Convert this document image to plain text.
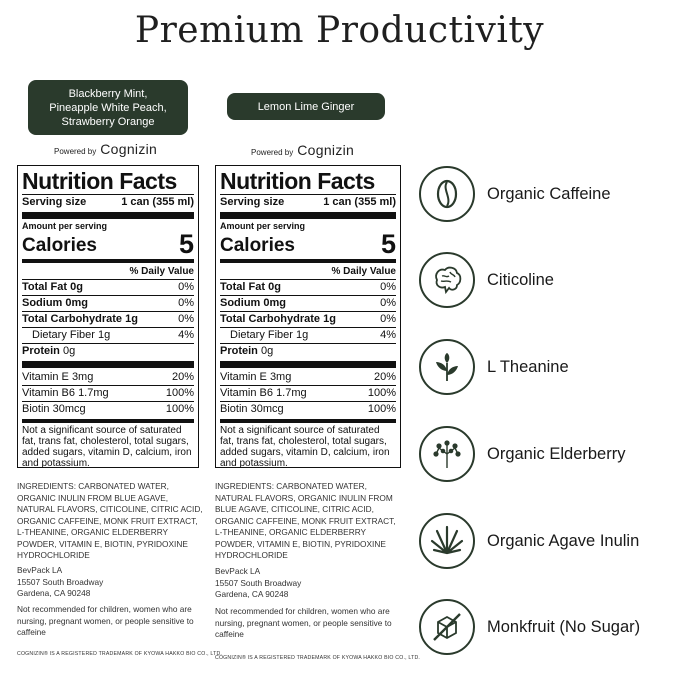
Premium Productivity
Blackberry Mint,
Pineapple White Peach,
Strawberry Orange
Powered by Cognizin
Nutrition Facts
Serving size	1 can (355 ml)
Amount per serving
Calories	5
% Daily Value
Total Fat 0g	0%
Sodium 0mg	0%
Total Carbohydrate 1g	0%
Dietary Fiber 1g	4%
Protein 0g
Vitamin E 3mg	20%
Vitamin B6 1.7mg	100%
Biotin 30mcg	100%
Not a significant source of saturated fat, trans fat, cholesterol, total sugars, added sugars, vitamin D, calcium, iron and potassium.
INGREDIENTS: CARBONATED WATER, ORGANIC INULIN FROM BLUE AGAVE, NATURAL FLAVORS, CITICOLINE, CITRIC ACID, ORGANIC CAFFEINE, MONK FRUIT EXTRACT, L-THEANINE, ORGANIC ELDERBERRY POWDER, VITAMIN E, BIOTIN, PYRIDOXINE HYDROCHLORIDE
BevPack LA
15507 South Broadway
Gardena, CA 90248
Not recommended for children, women who are nursing, pregnant women, or people sensitive to caffeine
COGNIZIN® IS A REGISTERED TRADEMARK OF KYOWA HAKKO BIO CO., LTD.
Lemon Lime Ginger
Powered by Cognizin
Nutrition Facts
Serving size	1 can (355 ml)
Amount per serving
Calories	5
% Daily Value
Total Fat 0g	0%
Sodium 0mg	0%
Total Carbohydrate 1g	0%
Dietary Fiber 1g	4%
Protein 0g
Vitamin E 3mg	20%
Vitamin B6 1.7mg	100%
Biotin 30mcg	100%
Not a significant source of saturated fat, trans fat, cholesterol, total sugars, added sugars, vitamin D, calcium, iron and potassium.
INGREDIENTS: CARBONATED WATER, NATURAL FLAVORS, ORGANIC INULIN FROM BLUE AGAVE, CITICOLINE, CITRIC ACID, ORGANIC CAFFEINE, MONK FRUIT EXTRACT, L-THEANINE, ORGANIC ELDERBERRY POWDER, VITAMIN E, BIOTIN, PYRIDOXINE HYDROCHLORIDE
BevPack LA
15507 South Broadway
Gardena, CA 90248
Not recommended for children, women who are nursing, pregnant women, or people sensitive to caffeine
COGNIZIN® IS A REGISTERED TRADEMARK OF KYOWA HAKKO BIO CO., LTD.
Organic Caffeine
Citicoline
L Theanine
Organic Elderberry
Organic Agave Inulin
Monkfruit (No Sugar)
